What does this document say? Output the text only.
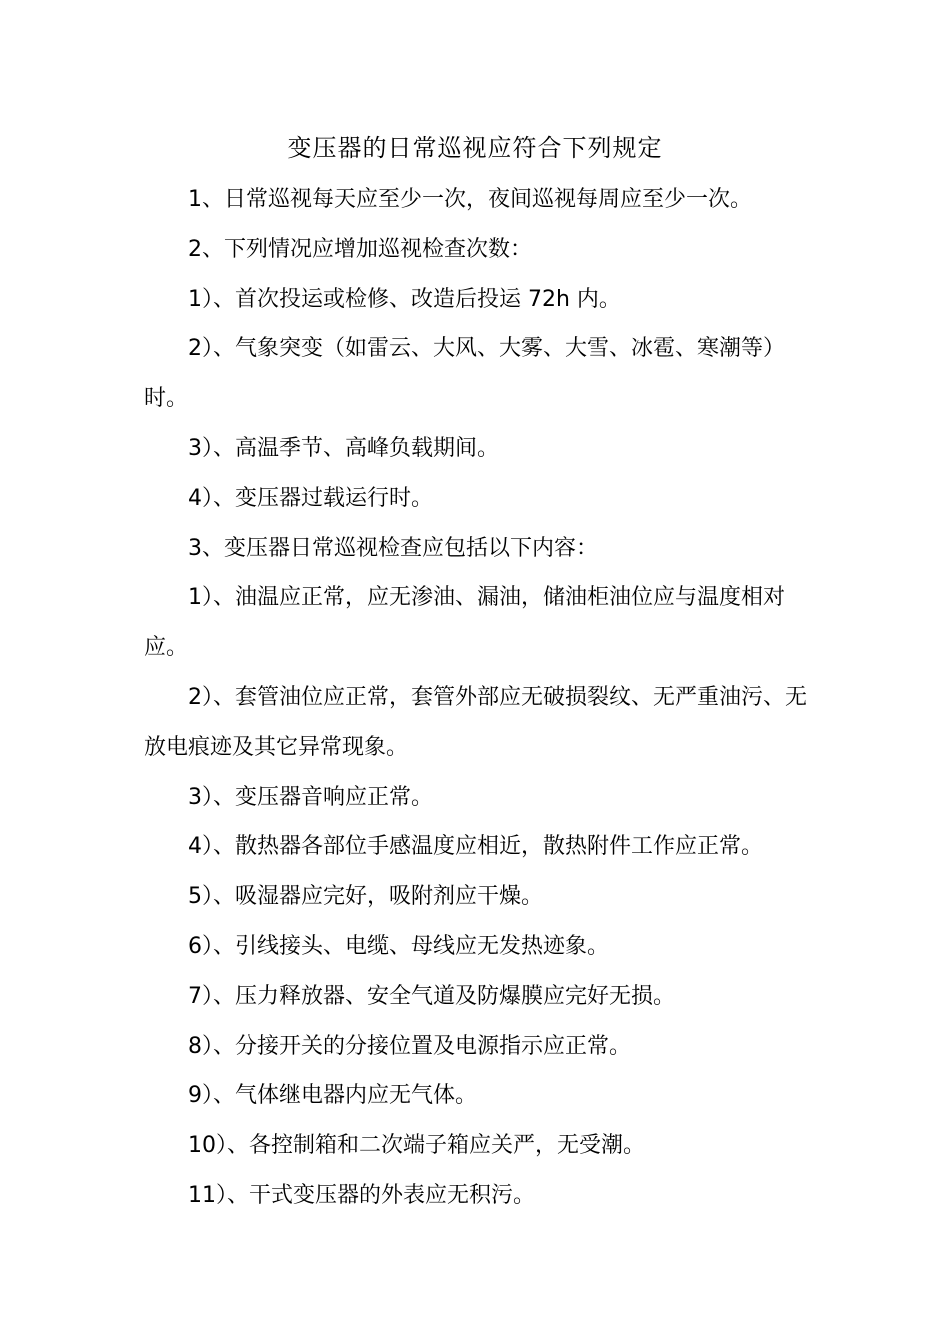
变压器的日常巡视应符合下列规定

1、日常巡视每天应至少一次，夜间巡视每周应至少一次。

2、下列情况应增加巡视检查次数：

1）、首次投运或检修、改造后投运 72h 内。

2）、气象突变（如雷云、大风、大雾、大雪、冰雹、寒潮等）时。

3）、高温季节、高峰负载期间。

4）、变压器过载运行时。

3、变压器日常巡视检查应包括以下内容：

1）、油温应正常，应无渗油、漏油，储油柜油位应与温度相对应。

2）、套管油位应正常，套管外部应无破损裂纹、无严重油污、无放电痕迹及其它异常现象。

3）、变压器音响应正常。

4）、散热器各部位手感温度应相近，散热附件工作应正常。

5）、吸湿器应完好，吸附剂应干燥。

6）、引线接头、电缆、母线应无发热迹象。

7）、压力释放器、安全气道及防爆膜应完好无损。

8）、分接开关的分接位置及电源指示应正常。

9）、气体继电器内应无气体。

10）、各控制箱和二次端子箱应关严，无受潮。

11）、干式变压器的外表应无积污。
